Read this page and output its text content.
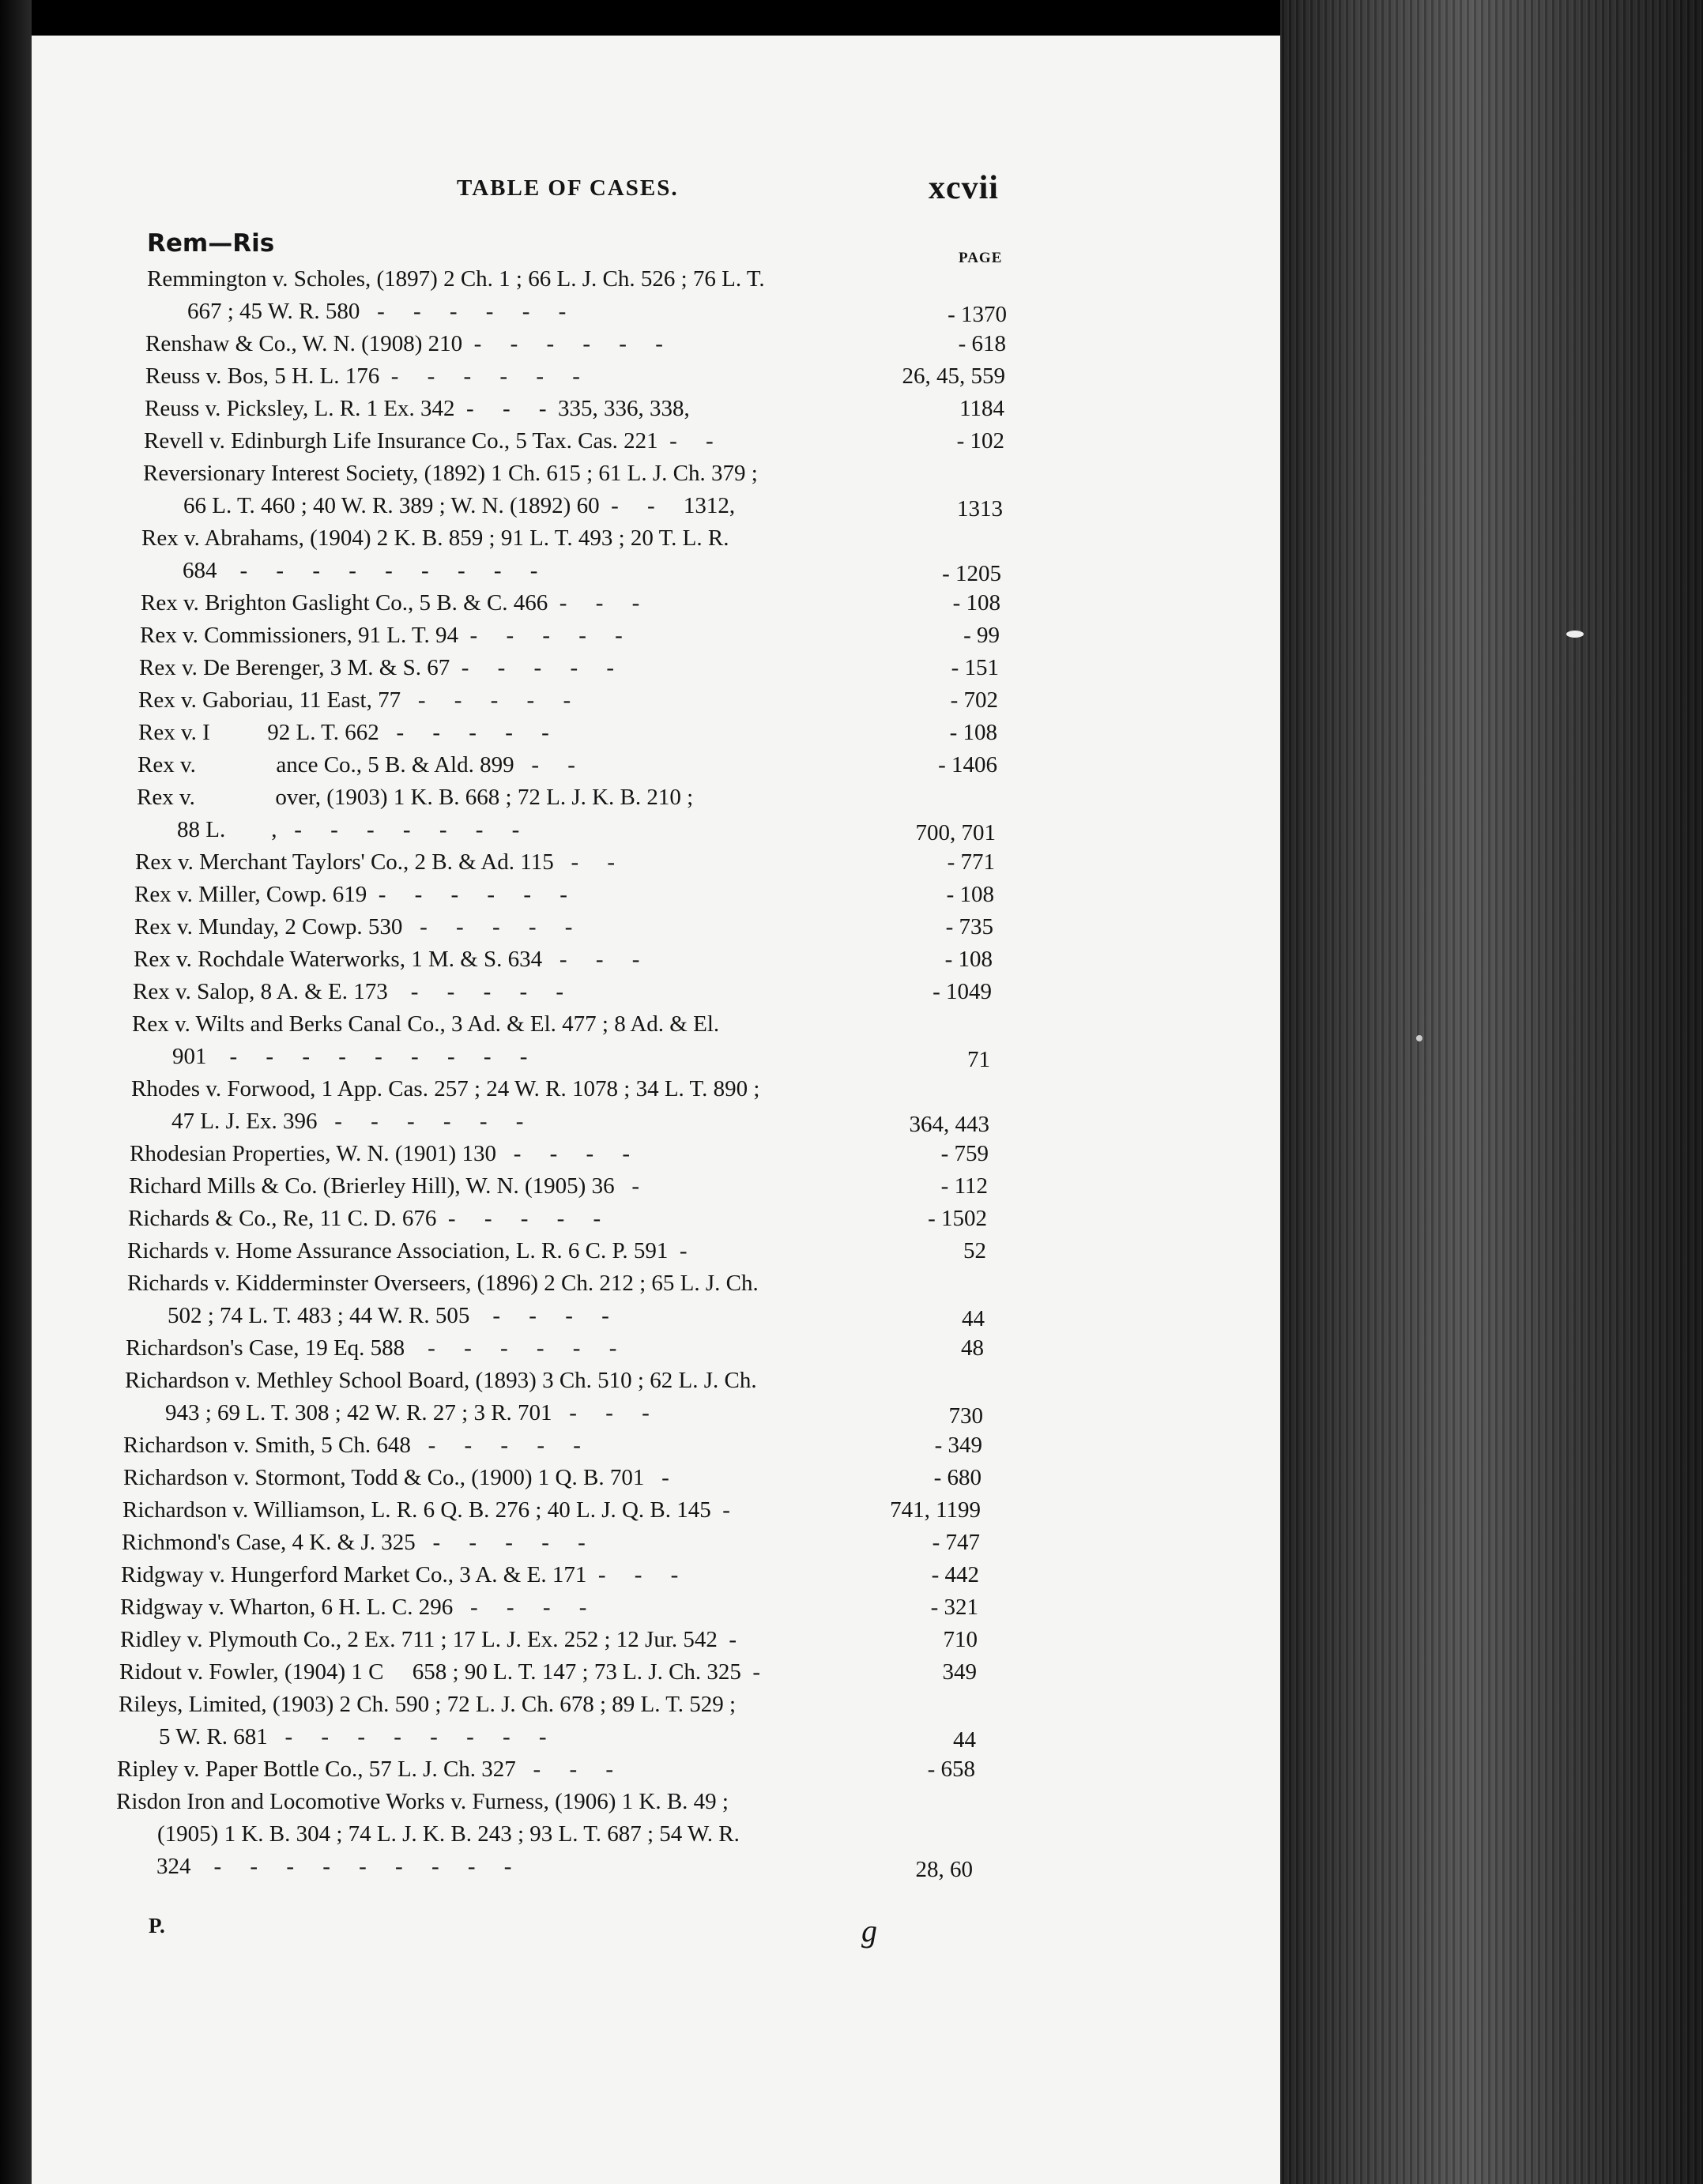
TABLE OF CASES.	xcvii
Rem—Ris
PAGE
Remmington v. Scholes, (1897) 2 Ch. 1 ; 66 L. J. Ch. 526 ; 76 L. T.
667 ; 45 W. R. 580   -     -     -     -     -     -	- 1370
Renshaw & Co., W. N. (1908) 210  -     -     -     -     -     -	- 618
Reuss v. Bos, 5 H. L. 176  -     -     -     -     -     -	26, 45, 559
Reuss v. Picksley, L. R. 1 Ex. 342  -     -     -  335, 336, 338,	1184
Revell v. Edinburgh Life Insurance Co., 5 Tax. Cas. 221  -     -	- 102
Reversionary Interest Society, (1892) 1 Ch. 615 ; 61 L. J. Ch. 379 ;
66 L. T. 460 ; 40 W. R. 389 ; W. N. (1892) 60  -     -     1312,	1313
Rex v. Abrahams, (1904) 2 K. B. 859 ; 91 L. T. 493 ; 20 T. L. R.
684    -     -     -     -     -     -     -     -     -	- 1205
Rex v. Brighton Gaslight Co., 5 B. & C. 466  -     -     -	- 108
Rex v. Commissioners, 91 L. T. 94  -     -     -     -     -	- 99
Rex v. De Berenger, 3 M. & S. 67  -     -     -     -     -	- 151
Rex v. Gaboriau, 11 East, 77   -     -     -     -     -	- 702
Rex v. I          92 L. T. 662   -     -     -     -     -	- 108
Rex v.              ance Co., 5 B. & Ald. 899   -     -	- 1406
Rex v.              over, (1903) 1 K. B. 668 ; 72 L. J. K. B. 210 ;
88 L.        ,   -     -     -     -     -     -     -	700, 701
Rex v. Merchant Taylors' Co., 2 B. & Ad. 115   -     -	- 771
Rex v. Miller, Cowp. 619  -     -     -     -     -     -	- 108
Rex v. Munday, 2 Cowp. 530   -     -     -     -     -	- 735
Rex v. Rochdale Waterworks, 1 M. & S. 634   -     -     -	- 108
Rex v. Salop, 8 A. & E. 173    -     -     -     -     -	- 1049
Rex v. Wilts and Berks Canal Co., 3 Ad. & El. 477 ; 8 Ad. & El.
901    -     -     -     -     -     -     -     -     -	71
Rhodes v. Forwood, 1 App. Cas. 257 ; 24 W. R. 1078 ; 34 L. T. 890 ;
47 L. J. Ex. 396   -     -     -     -     -     -	364, 443
Rhodesian Properties, W. N. (1901) 130   -     -     -     -	- 759
Richard Mills & Co. (Brierley Hill), W. N. (1905) 36   -	- 112
Richards & Co., Re, 11 C. D. 676  -     -     -     -     -	- 1502
Richards v. Home Assurance Association, L. R. 6 C. P. 591  -	52
Richards v. Kidderminster Overseers, (1896) 2 Ch. 212 ; 65 L. J. Ch.
502 ; 74 L. T. 483 ; 44 W. R. 505    -     -     -     -	44
Richardson's Case, 19 Eq. 588    -     -     -     -     -     -	48
Richardson v. Methley School Board, (1893) 3 Ch. 510 ; 62 L. J. Ch.
943 ; 69 L. T. 308 ; 42 W. R. 27 ; 3 R. 701   -     -     -	730
Richardson v. Smith, 5 Ch. 648   -     -     -     -     -	- 349
Richardson v. Stormont, Todd & Co., (1900) 1 Q. B. 701   -	- 680
Richardson v. Williamson, L. R. 6 Q. B. 276 ; 40 L. J. Q. B. 145  -	741, 1199
Richmond's Case, 4 K. & J. 325   -     -     -     -     -	- 747
Ridgway v. Hungerford Market Co., 3 A. & E. 171  -     -     -	- 442
Ridgway v. Wharton, 6 H. L. C. 296   -     -     -     -	- 321
Ridley v. Plymouth Co., 2 Ex. 711 ; 17 L. J. Ex. 252 ; 12 Jur. 542  -	710
Ridout v. Fowler, (1904) 1 C     658 ; 90 L. T. 147 ; 73 L. J. Ch. 325  -	349
Rileys, Limited, (1903) 2 Ch. 590 ; 72 L. J. Ch. 678 ; 89 L. T. 529 ;
5 W. R. 681   -     -     -     -     -     -     -     -	44
Ripley v. Paper Bottle Co., 57 L. J. Ch. 327   -     -     -	- 658
Risdon Iron and Locomotive Works v. Furness, (1906) 1 K. B. 49 ;
(1905) 1 K. B. 304 ; 74 L. J. K. B. 243 ; 93 L. T. 687 ; 54 W. R.
324    -     -     -     -     -     -     -     -     -	28, 60
P.	g
